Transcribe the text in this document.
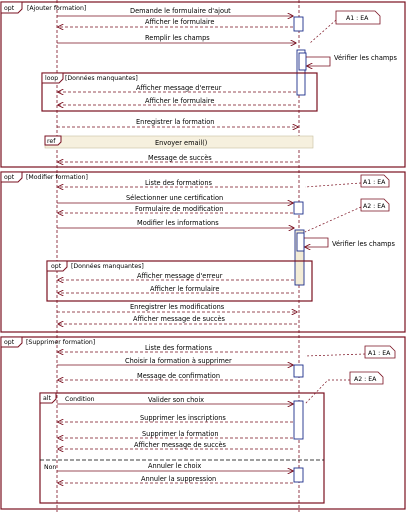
opt [Ajouter formation]	Demande le formulaire d'ajout
Afficher le formulaire
Remplir les champs
Vérifier les champs
A1 : EA
loop [Données manquantes]
Afficher message d'erreur
Afficher le formulaire
Enregistrer la formation
ref	Envoyer email()
Message de succès
opt [Modifier formation]
Liste des formations
Sélectionner une certification
Formulaire de modification
Modifier les informations
Vérifier les champs
A1 : EA
A2 : EA
opt [Données manquantes]
Afficher message d'erreur
Afficher le formulaire
Enregistrer les modifications
Afficher message de succès
opt [Supprimer formation]
Liste des formations
Choisir la formation à supprimer
Message de confirmation
A1 : EA
A2 : EA
alt Condition	Valider son choix
Supprimer les inscriptions
Supprimer la formation
Afficher message de succès
Non	Annuler le choix
Annuler la suppression
